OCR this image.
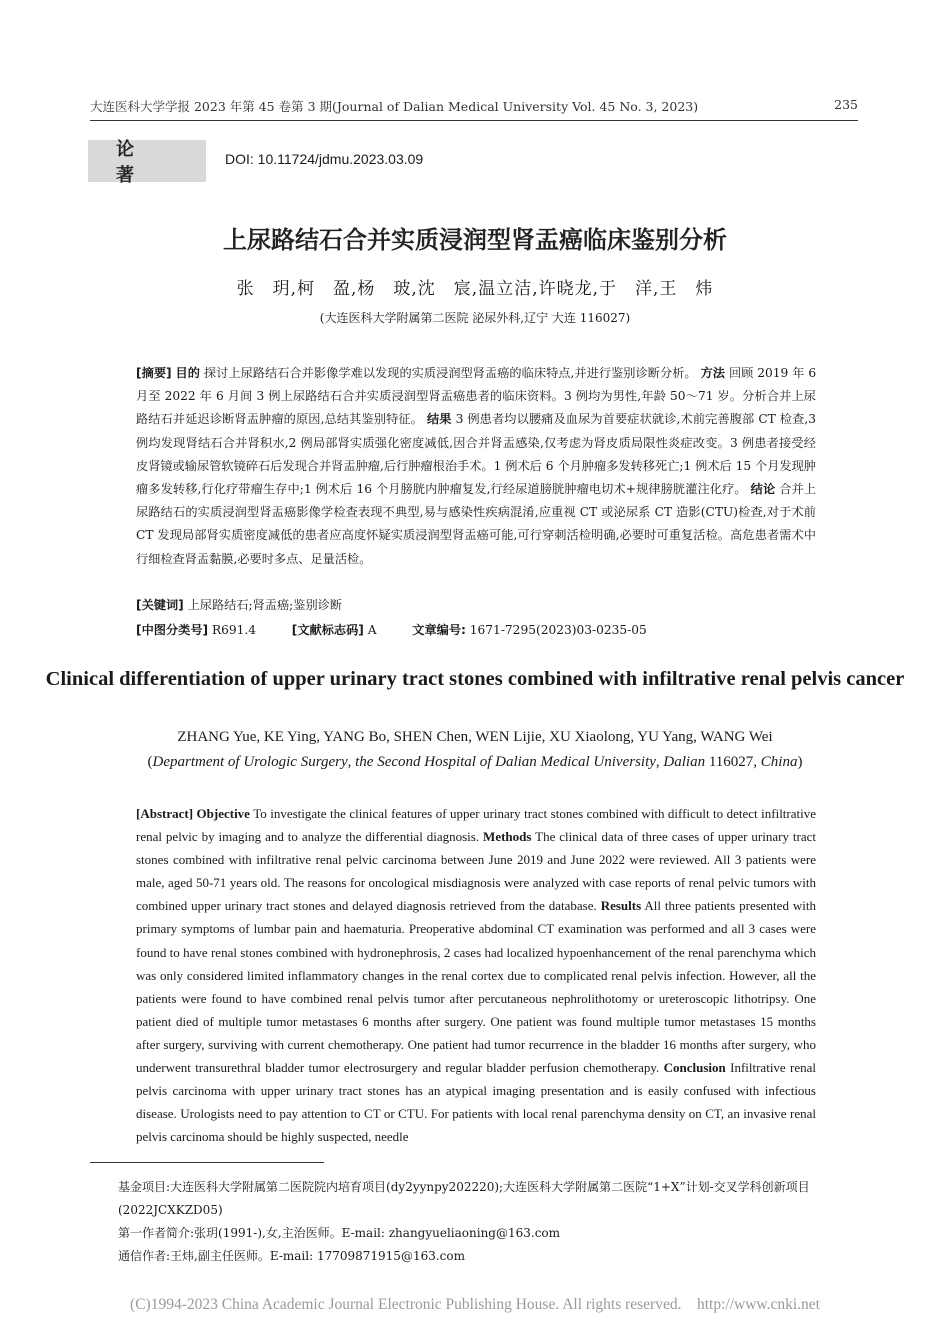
大连医科大学学报 2023 年第 45 卷第 3 期(Journal of Dalian Medical University Vol. 45 No. 3, 2023)	235
论著
DOI: 10.11724/jdmu.2023.03.09
上尿路结石合并实质浸润型肾盂癌临床鉴别分析
张　玥,柯　盈,杨　玻,沈　宸,温立洁,许晓龙,于　洋,王　炜
(大连医科大学附属第二医院 泌尿外科,辽宁 大连 116027)
[摘要] 目的 探讨上尿路结石合并影像学难以发现的实质浸润型肾盂癌的临床特点,并进行鉴别诊断分析。 方法 回顾 2019 年 6 月至 2022 年 6 月间 3 例上尿路结石合并实质浸润型肾盂癌患者的临床资料。3 例均为男性,年龄 50～71 岁。分析合并上尿路结石并延迟诊断肾盂肿瘤的原因,总结其鉴别特征。 结果 3 例患者均以腰痛及血尿为首要症状就诊,术前完善腹部 CT 检查,3 例均发现肾结石合并肾积水,2 例局部肾实质强化密度减低,因合并肾盂感染,仅考虑为肾皮质局限性炎症改变。3 例患者接受经皮肾镜或输尿管软镜碎石后发现合并肾盂肿瘤,后行肿瘤根治手术。1 例术后 6 个月肿瘤多发转移死亡;1 例术后 15 个月发现肿瘤多发转移,行化疗带瘤生存中;1 例术后 16 个月膀胱内肿瘤复发,行经尿道膀胱肿瘤电切术+规律膀胱灌注化疗。 结论 合并上尿路结石的实质浸润型肾盂癌影像学检查表现不典型,易与感染性疾病混淆,应重视 CT 或泌尿系 CT 造影(CTU)检查,对于术前 CT 发现局部肾实质密度减低的患者应高度怀疑实质浸润型肾盂癌可能,可行穿刺活检明确,必要时可重复活检。高危患者需术中行细检查肾盂黏膜,必要时多点、足量活检。
[关键词] 上尿路结石;肾盂癌;鉴别诊断
[中图分类号] R691.4	[文献标志码] A	文章编号: 1671-7295(2023)03-0235-05
Clinical differentiation of upper urinary tract stones combined with infiltrative renal pelvis cancer
ZHANG Yue, KE Ying, YANG Bo, SHEN Chen, WEN Lijie, XU Xiaolong, YU Yang, WANG Wei
(Department of Urologic Surgery, the Second Hospital of Dalian Medical University, Dalian 116027, China)
[Abstract] Objective To investigate the clinical features of upper urinary tract stones combined with difficult to detect infiltrative renal pelvic by imaging and to analyze the differential diagnosis. Methods The clinical data of three cases of upper urinary tract stones combined with infiltrative renal pelvic carcinoma between June 2019 and June 2022 were reviewed. All 3 patients were male, aged 50-71 years old. The reasons for oncological misdiagnosis were analyzed with case reports of renal pelvic tumors with combined upper urinary tract stones and delayed diagnosis retrieved from the database. Results All three patients presented with primary symptoms of lumbar pain and haematuria. Preoperative abdominal CT examination was performed and all 3 cases were found to have renal stones combined with hydronephrosis, 2 cases had localized hypoenhancement of the renal parenchyma which was only considered limited inflammatory changes in the renal cortex due to complicated renal pelvis infection. However, all the patients were found to have combined renal pelvis tumor after percutaneous nephrolithotomy or ureteroscopic lithotripsy. One patient died of multiple tumor metastases 6 months after surgery. One patient was found multiple tumor metastases 15 months after surgery, surviving with current chemotherapy. One patient had tumor recurrence in the bladder 16 months after surgery, who underwent transurethral bladder tumor electrosurgery and regular bladder perfusion chemotherapy. Conclusion Infiltrative renal pelvis carcinoma with upper urinary tract stones has an atypical imaging presentation and is easily confused with infectious disease. Urologists need to pay attention to CT or CTU. For patients with local renal parenchyma density on CT, an invasive renal pelvis carcinoma should be highly suspected, needle
基金项目:大连医科大学附属第二医院院内培育项目(dy2yynpy202220);大连医科大学附属第二医院“1+X”计划-交叉学科创新项目(2022JCXKZD05)
第一作者简介:张玥(1991-),女,主治医师。E-mail: zhangyueliaoning@163.com
通信作者:王炜,副主任医师。E-mail: 17709871915@163.com
(C)1994-2023 China Academic Journal Electronic Publishing House. All rights reserved.    http://www.cnki.net
